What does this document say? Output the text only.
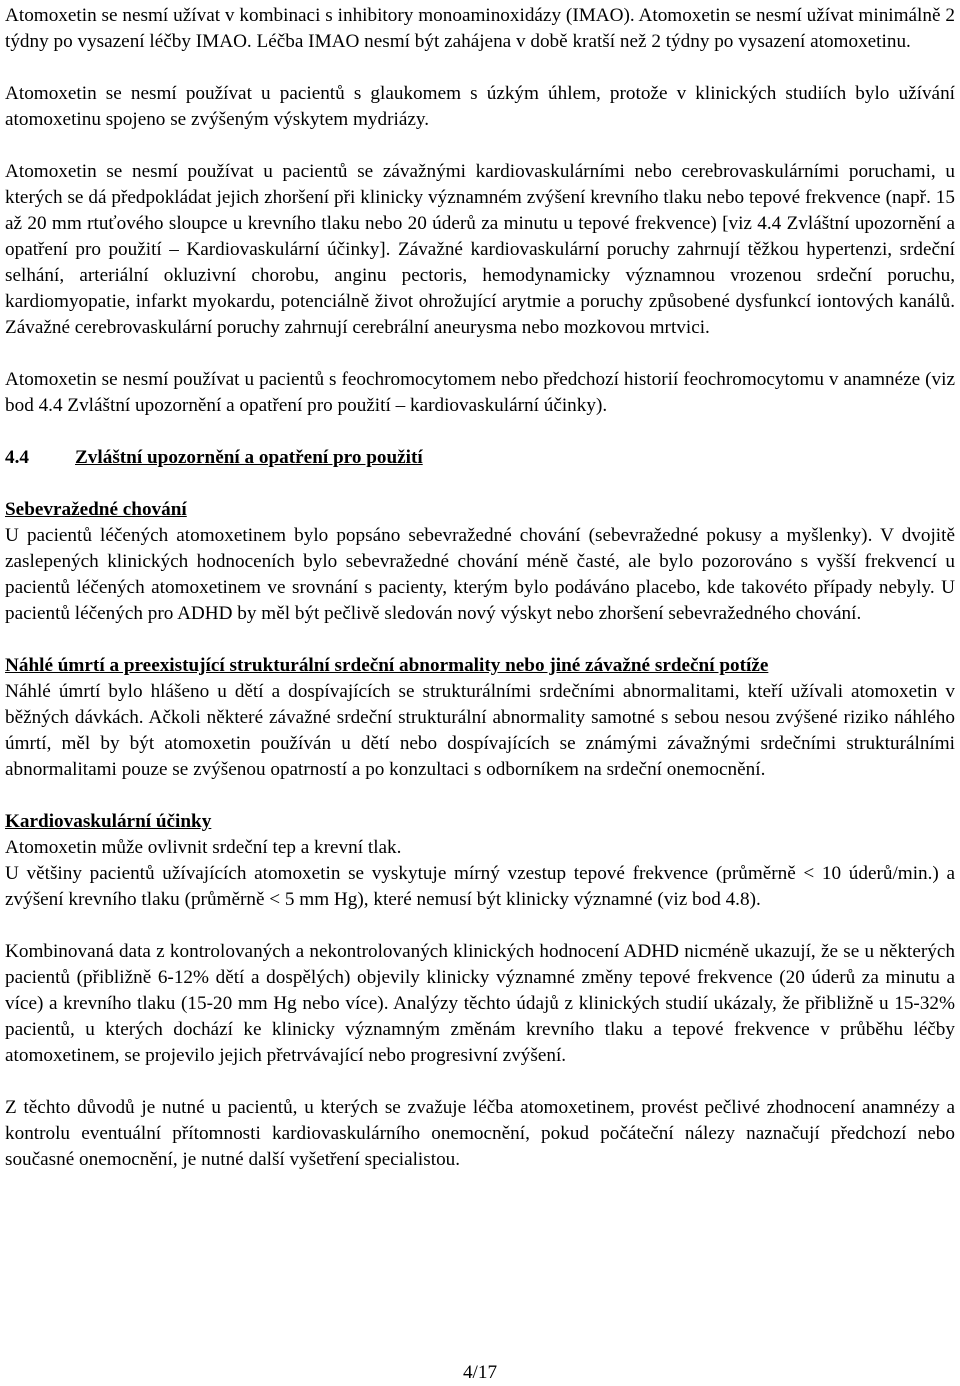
Atomoxetin se nesmí užívat v kombinaci s inhibitory monoaminoxidázy (IMAO). Atomoxetin se nesmí užívat minimálně 2 týdny po vysazení léčby IMAO. Léčba IMAO nesmí být zahájena v době kratší než 2 týdny po vysazení atomoxetinu.

Atomoxetin se nesmí používat u pacientů s glaukomem s úzkým úhlem, protože v klinických studiích bylo užívání atomoxetinu spojeno se zvýšeným výskytem mydriázy.

Atomoxetin se nesmí používat u pacientů se závažnými kardiovaskulárními nebo cerebrovaskulárními poruchami, u kterých se dá předpokládat jejich zhoršení při klinicky významném zvýšení krevního tlaku nebo tepové frekvence (např. 15 až 20 mm rtuťového sloupce u krevního tlaku nebo 20 úderů za minutu u tepové frekvence) [viz 4.4 Zvláštní upozornění a opatření pro použití – Kardiovaskulární účinky]. Závažné kardiovaskulární poruchy zahrnují těžkou hypertenzi, srdeční selhání, arteriální okluzivní chorobu, anginu pectoris, hemodynamicky významnou vrozenou srdeční poruchu, kardiomyopatie, infarkt myokardu, potenciálně život ohrožující arytmie a poruchy způsobené dysfunkcí iontových kanálů. Závažné cerebrovaskulární poruchy zahrnují cerebrální aneurysma nebo mozkovou mrtvici.

Atomoxetin se nesmí používat u pacientů s feochromocytomem nebo předchozí historií feochromocytomu v anamnéze (viz bod 4.4 Zvláštní upozornění a opatření pro použití – kardiovaskulární účinky).

4.4	Zvláštní upozornění a opatření pro použití

Sebevražedné chování

U pacientů léčených atomoxetinem bylo popsáno sebevražedné chování (sebevražedné pokusy a myšlenky). V dvojitě zaslepených klinických hodnoceních bylo sebevražedné chování méně časté, ale bylo pozorováno s vyšší frekvencí u pacientů léčených atomoxetinem ve srovnání s pacienty, kterým bylo podáváno placebo, kde takovéto případy nebyly. U pacientů léčených pro ADHD by měl být pečlivě sledován nový výskyt nebo zhoršení sebevražedného chování.

Náhlé úmrtí a preexistující strukturální srdeční abnormality nebo jiné závažné srdeční potíže

Náhlé úmrtí bylo hlášeno u dětí a dospívajících se strukturálními srdečními abnormalitami, kteří užívali atomoxetin v běžných dávkách. Ačkoli některé závažné srdeční strukturální abnormality samotné s sebou nesou zvýšené riziko náhlého úmrtí, měl by být atomoxetin používán u dětí nebo dospívajících se známými závažnými srdečními strukturálními abnormalitami pouze se zvýšenou opatrností a po konzultaci s odborníkem na srdeční onemocnění.

Kardiovaskulární účinky

Atomoxetin může ovlivnit srdeční tep a krevní tlak.

U většiny pacientů užívajících atomoxetin se vyskytuje mírný vzestup tepové frekvence (průměrně < 10 úderů/min.) a zvýšení krevního tlaku (průměrně < 5 mm Hg), které nemusí být klinicky významné (viz bod 4.8).

Kombinovaná data z kontrolovaných a nekontrolovaných klinických hodnocení ADHD nicméně ukazují, že se u některých pacientů (přibližně 6-12% dětí a dospělých) objevily klinicky významné změny tepové frekvence (20 úderů za minutu a více) a krevního tlaku (15-20 mm Hg nebo více). Analýzy těchto údajů z klinických studií ukázaly, že přibližně u 15-32% pacientů, u kterých dochází ke klinicky významným změnám krevního tlaku a tepové frekvence v průběhu léčby atomoxetinem, se projevilo jejich přetrvávající nebo progresivní zvýšení.

Z těchto důvodů je nutné u pacientů, u kterých se zvažuje léčba atomoxetinem, provést pečlivé zhodnocení anamnézy a kontrolu eventuální přítomnosti kardiovaskulárního onemocnění, pokud počáteční nálezy naznačují předchozí nebo současné onemocnění, je nutné další vyšetření specialistou.

4/17
